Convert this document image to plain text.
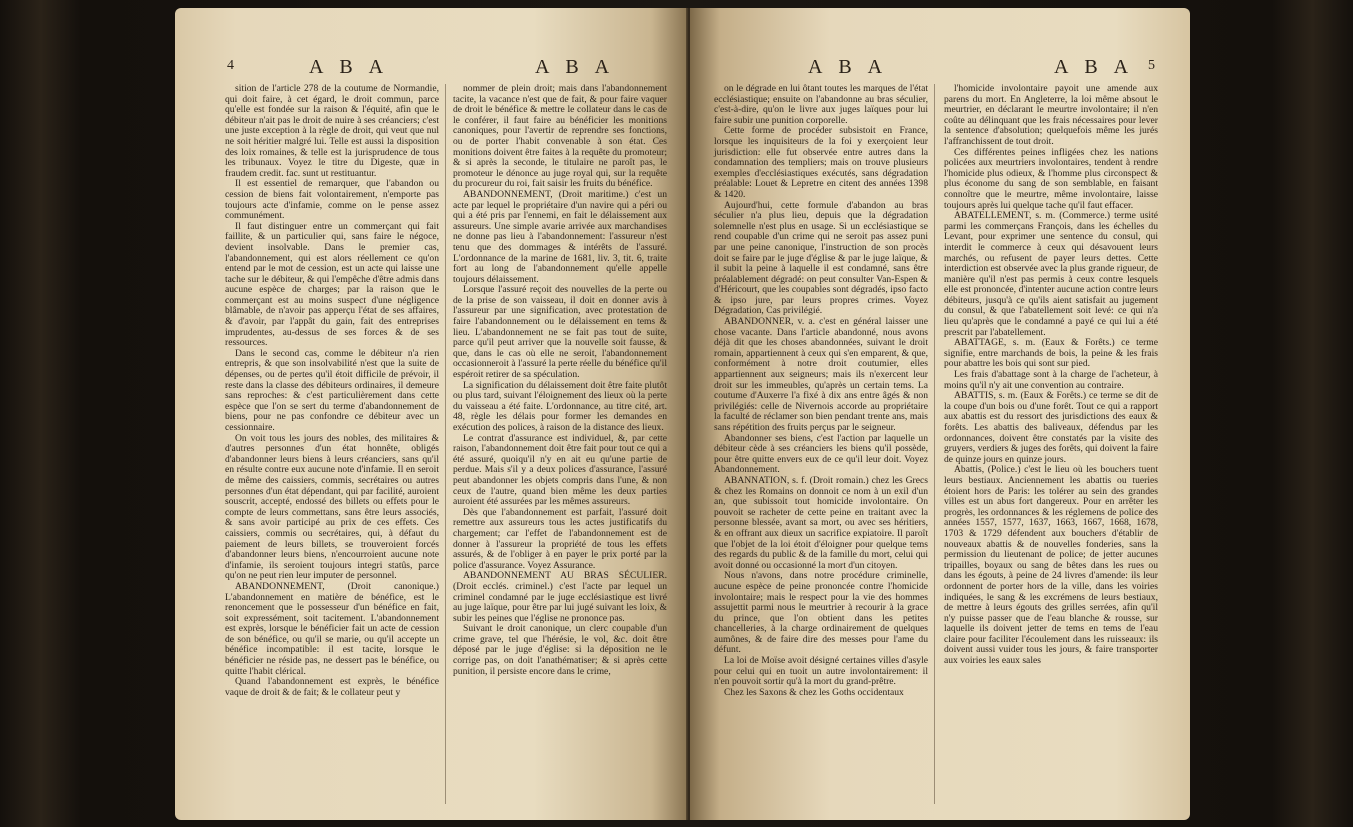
4	A B A	A B A

sition de l'article 278 de la coutume de Normandie, qui doit faire, à cet égard, le droit commun, parce qu'elle est fondée sur la raison & l'équité, afin que le débiteur n'ait pas le droit de nuire à ses créanciers; c'est une juste exception à la règle de droit, qui veut que nul ne soit héritier malgré lui. Telle est aussi la disposition des loix romaines, & telle est la jurisprudence de tous les tribunaux. Voyez le titre du Digeste, quæ in fraudem credit. fac. sunt ut restituantur.

Il est essentiel de remarquer, que l'abandon ou cession de biens fait volontairement, n'emporte pas toujours acte d'infamie, comme on le pense assez communément.

Il faut distinguer entre un commerçant qui fait faillite, & un particulier qui, sans faire le négoce, devient insolvable. Dans le premier cas, l'abandonnement, qui est alors réellement ce qu'on entend par le mot de cession, est un acte qui laisse une tache sur le débiteur, & qui l'empêche d'être admis dans aucune espèce de charges; par la raison que le commerçant est au moins suspect d'une négligence blâmable, de n'avoir pas apperçu l'état de ses affaires, & d'avoir, par l'appât du gain, fait des entreprises imprudentes, au-dessus de ses forces & de ses ressources.

Dans le second cas, comme le débiteur n'a rien entrepris, & que son insolvabilité n'est que la suite de dépenses, ou de pertes qu'il étoit difficile de prévoir, il reste dans la classe des débiteurs ordinaires, il demeure sans reproches: & c'est particulièrement dans cette espèce que l'on se sert du terme d'abandonnement de biens, pour ne pas confondre ce débiteur avec un cessionnaire.

On voit tous les jours des nobles, des militaires & d'autres personnes d'un état honnête, obligés d'abandonner leurs biens à leurs créanciers, sans qu'il en résulte contre eux aucune note d'infamie. Il en seroit de même des caissiers, commis, secrétaires ou autres personnes d'un état dépendant, qui par facilité, auroient souscrit, accepté, endossé des billets ou effets pour le compte de leurs commettans, sans être leurs associés, & sans avoir participé au prix de ces effets. Ces caissiers, commis ou secrétaires, qui, à défaut du paiement de leurs billets, se trouveroient forcés d'abandonner leurs biens, n'encourroient aucune note d'infamie, ils seroient toujours integri statûs, parce qu'on ne peut rien leur imputer de personnel.

ABANDONNEMENT, (Droit canonique.) L'abandonnement en matière de bénéfice, est le renoncement que le possesseur d'un bénéfice en fait, soit expressément, soit tacitement. L'abandonnement est exprès, lorsque le bénéficier fait un acte de cession de son bénéfice, ou qu'il se marie, ou qu'il accepte un bénéfice incompatible: il est tacite, lorsque le bénéficier ne réside pas, ne dessert pas le bénéfice, ou quitte l'habit clérical.

Quand l'abandonnement est exprès, le bénéfice vaque de droit & de fait; & le collateur peut y

nommer de plein droit; mais dans l'abandonnement tacite, la vacance n'est que de fait, & pour faire vaquer de droit le bénéfice & mettre le collateur dans le cas de le conférer, il faut faire au bénéficier les monitions canoniques, pour l'avertir de reprendre ses fonctions, ou de porter l'habit convenable à son état. Ces monitions doivent être faites à la requête du promoteur; & si après la seconde, le titulaire ne paroît pas, le promoteur le dénonce au juge royal qui, sur la requête du procureur du roi, fait saisir les fruits du bénéfice.

ABANDONNEMENT, (Droit maritime.) c'est un acte par lequel le propriétaire d'un navire qui a péri ou qui a été pris par l'ennemi, en fait le délaissement aux assureurs. Une simple avarie arrivée aux marchandises ne donne pas lieu à l'abandonnement: l'assureur n'est tenu que des dommages & intérêts de l'assuré. L'ordonnance de la marine de 1681, liv. 3, tit. 6, traite fort au long de l'abandonnement qu'elle appelle toujours délaissement.

Lorsque l'assuré reçoit des nouvelles de la perte ou de la prise de son vaisseau, il doit en donner avis à l'assureur par une signification, avec protestation de faire l'abandonnement ou le délaissement en tems & lieu. L'abandonnement ne se fait pas tout de suite, parce qu'il peut arriver que la nouvelle soit fausse, & que, dans le cas où elle ne seroit, l'abandonnement occasionneroit à l'assuré la perte réelle du bénéfice qu'il espéroit retirer de sa spéculation.

La signification du délaissement doit être faite plutôt ou plus tard, suivant l'éloignement des lieux où la perte du vaisseau a été faite. L'ordonnance, au titre cité, art. 48, règle les délais pour former les demandes en exécution des polices, à raison de la distance des lieux.

Le contrat d'assurance est individuel, &, par cette raison, l'abandonnement doit être fait pour tout ce qui a été assuré, quoiqu'il n'y en ait eu qu'une partie de perdue. Mais s'il y a deux polices d'assurance, l'assuré peut abandonner les objets compris dans l'une, & non ceux de l'autre, quand bien même les deux parties auroient été assurées par les mêmes assureurs.

Dès que l'abandonnement est parfait, l'assuré doit remettre aux assureurs tous les actes justificatifs du chargement; car l'effet de l'abandonnement est de donner à l'assureur la propriété de tous les effets assurés, & de l'obliger à en payer le prix porté par la police d'assurance. Voyez Assurance.

ABANDONNEMENT AU BRAS SÉCULIER. (Droit ecclés. criminel.) c'est l'acte par lequel un criminel condamné par le juge ecclésiastique est livré au juge laïque, pour être par lui jugé suivant les loix, & subir les peines que l'église ne prononce pas.

Suivant le droit canonique, un clerc coupable d'un crime grave, tel que l'hérésie, le vol, &c. doit être déposé par le juge d'église: si la déposition ne le corrige pas, on doit l'anathématiser; & si après cette punition, il persiste encore dans le crime,

A B A	A B A 5

on le dégrade en lui ôtant toutes les marques de l'état ecclésiastique; ensuite on l'abandonne au bras séculier, c'est-à-dire, qu'on le livre aux juges laïques pour lui faire subir une punition corporelle.

Cette forme de procéder subsistoit en France, lorsque les inquisiteurs de la foi y exerçoient leur jurisdiction: elle fut observée entre autres dans la condamnation des templiers; mais on trouve plusieurs exemples d'ecclésiastiques exécutés, sans dégradation préalable: Louet & Lepretre en citent des années 1398 & 1420.

Aujourd'hui, cette formule d'abandon au bras séculier n'a plus lieu, depuis que la dégradation solemnelle n'est plus en usage. Si un ecclésiastique se rend coupable d'un crime qui ne seroit pas assez puni par une peine canonique, l'instruction de son procès doit se faire par le juge d'église & par le juge laïque, & il subit la peine à laquelle il est condamné, sans être préalablement dégradé: on peut consulter Van-Espen & d'Héricourt, que les coupables sont dégradés, ipso facto & ipso jure, par leurs propres crimes. Voyez Dégradation, Cas privilégié.

ABANDONNER, v. a. c'est en général laisser une chose vacante. Dans l'article abandonné, nous avons déjà dit que les choses abandonnées, suivant le droit romain, appartiennent à ceux qui s'en emparent, & que, conformément à notre droit coutumier, elles appartiennent aux seigneurs; mais ils n'exercent leur droit sur les immeubles, qu'après un certain tems. La coutume d'Auxerre l'a fixé à dix ans entre âgés & non privilégiés: celle de Nivernois accorde au propriétaire la faculté de réclamer son bien pendant trente ans, mais sans répétition des fruits perçus par le seigneur.

Abandonner ses biens, c'est l'action par laquelle un débiteur cède à ses créanciers les biens qu'il possède, pour être quitte envers eux de ce qu'il leur doit. Voyez Abandonnement.

ABANNATION, s. f. (Droit romain.) chez les Grecs & chez les Romains on donnoit ce nom à un exil d'un an, que subissoit tout homicide involontaire. On pouvoit se racheter de cette peine en traitant avec la personne blessée, avant sa mort, ou avec ses héritiers, & en offrant aux dieux un sacrifice expiatoire. Il paroît que l'objet de la loi étoit d'éloigner pour quelque tems des regards du public & de la famille du mort, celui qui avoit donné ou occasionné la mort d'un citoyen.

Nous n'avons, dans notre procédure criminelle, aucune espèce de peine prononcée contre l'homicide involontaire; mais le respect pour la vie des hommes assujettit parmi nous le meurtrier à recourir à la grace du prince, que l'on obtient dans les petites chancelleries, à la charge ordinairement de quelques aumônes, & de faire dire des messes pour l'ame du défunt.

La loi de Moïse avoit désigné certaines villes d'asyle pour celui qui en tuoit un autre involontairement: il n'en pouvoit sortir qu'à la mort du grand-prêtre.

Chez les Saxons & chez les Goths occidentaux

l'homicide involontaire payoit une amende aux parens du mort. En Angleterre, la loi même absout le meurtrier, en déclarant le meurtre involontaire; il n'en coûte au délinquant que les frais nécessaires pour lever la sentence d'absolution; quelquefois même les jurés l'affranchissent de tout droit.

Ces différentes peines infligées chez les nations policées aux meurtriers involontaires, tendent à rendre l'homicide plus odieux, & l'homme plus circonspect & plus économe du sang de son semblable, en faisant connoître que le meurtre, même involontaire, laisse toujours après lui quelque tache qu'il faut effacer.

ABATELLEMENT, s. m. (Commerce.) terme usité parmi les commerçans François, dans les échelles du Levant, pour exprimer une sentence du consul, qui interdit le commerce à ceux qui désavouent leurs marchés, ou refusent de payer leurs dettes. Cette interdiction est observée avec la plus grande rigueur, de manière qu'il n'est pas permis à ceux contre lesquels elle est prononcée, d'intenter aucune action contre leurs débiteurs, jusqu'à ce qu'ils aient satisfait au jugement du consul, & que l'abatellement soit levé: ce qui n'a lieu qu'après que le condamné a payé ce qui lui a été prescrit par l'abatellement.

ABATTAGE, s. m. (Eaux & Forêts.) ce terme signifie, entre marchands de bois, la peine & les frais pour abattre les bois qui sont sur pied.

Les frais d'abattage sont à la charge de l'acheteur, à moins qu'il n'y ait une convention au contraire.

ABATTIS, s. m. (Eaux & Forêts.) ce terme se dit de la coupe d'un bois ou d'une forêt. Tout ce qui a rapport aux abattis est du ressort des jurisdictions des eaux & forêts. Les abattis des baliveaux, défendus par les ordonnances, doivent être constatés par la visite des gruyers, verdiers & juges des forêts, qui doivent la faire de quinze jours en quinze jours.

Abattis, (Police.) c'est le lieu où les bouchers tuent leurs bestiaux. Anciennement les abattis ou tueries étoient hors de Paris: les tolérer au sein des grandes villes est un abus fort dangereux. Pour en arrêter les progrès, les ordonnances & les réglemens de police des années 1557, 1577, 1637, 1663, 1667, 1668, 1678, 1703 & 1729 défendent aux bouchers d'établir de nouveaux abattis & de nouvelles fonderies, sans la permission du lieutenant de police; de jetter aucunes tripailles, boyaux ou sang de bêtes dans les rues ou dans les égouts, à peine de 24 livres d'amende: ils leur ordonnent de porter hors de la ville, dans les voiries indiquées, le sang & les excrémens de leurs bestiaux, de mettre à leurs égouts des grilles serrées, afin qu'il n'y puisse passer que de l'eau blanche & rousse, sur laquelle ils doivent jetter de tems en tems de l'eau claire pour faciliter l'écoulement dans les ruisseaux: ils doivent aussi vuider tous les jours, & faire transporter aux voiries les eaux sales
